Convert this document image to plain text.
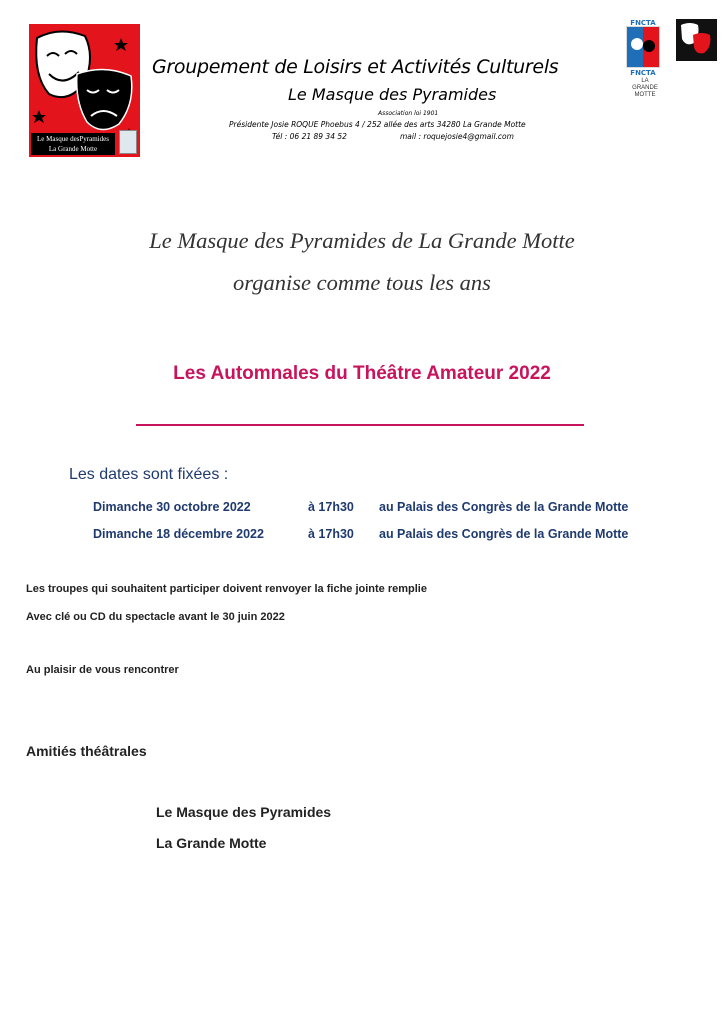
Le Masque desPyramides
La Grande Motte
Groupement de Loisirs et Activités Culturels
Le Masque des Pyramides
Association loi 1901
Présidente Josie ROQUE Phoebus 4 / 252 allée des arts 34280 La Grande Motte
Tél : 06 21 89 34 52	mail : roquejosie4@gmail.com
FNCTA
FNCTA
LA
GRANDE
MOTTE
Le Masque des Pyramides de La Grande Motte
organise comme tous les ans
Les Automnales du Théâtre Amateur 2022
Les dates sont fixées :
Dimanche 30 octobre 2022	à 17h30 au Palais des Congrès de la Grande Motte
Dimanche 18 décembre 2022	à 17h30 au Palais des Congrès de la Grande Motte
Les troupes qui souhaitent participer doivent renvoyer la fiche jointe remplie
Avec clé ou CD du spectacle avant le 30 juin 2022
Au plaisir de vous rencontrer
Amitiés théâtrales
Le Masque des Pyramides
La Grande Motte
